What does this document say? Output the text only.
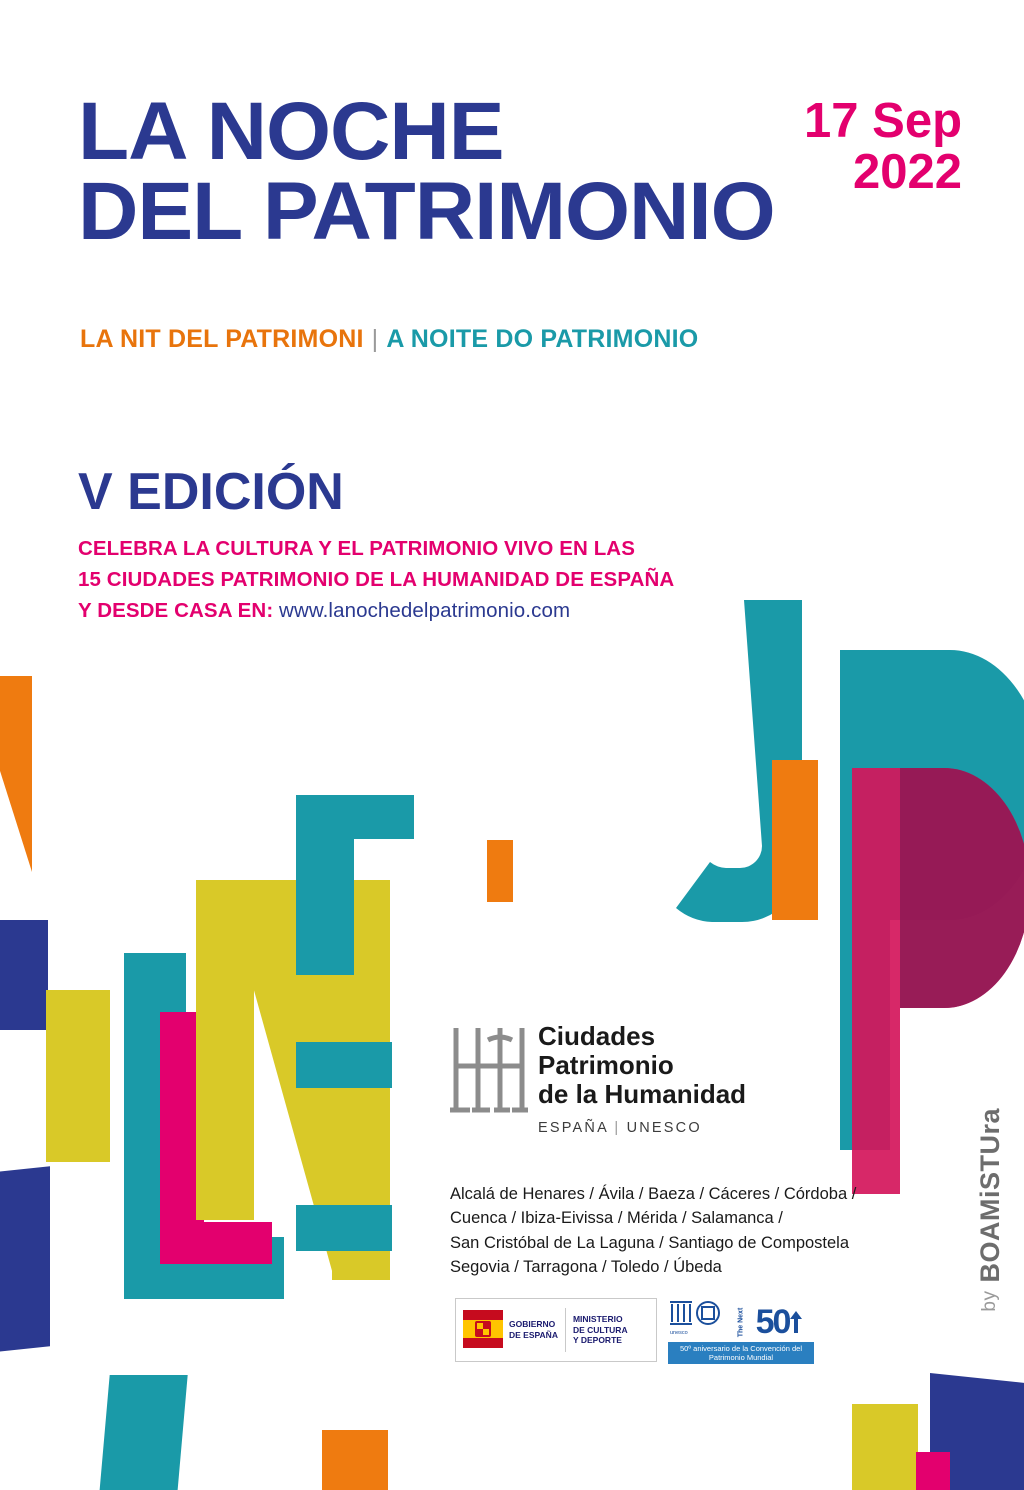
LA NOCHE
DEL PATRIMONIO
LA NIT DEL PATRIMONI | A NOITE DO PATRIMONIO
17 Sep
2022
V EDICIÓN
CELEBRA LA CULTURA Y EL PATRIMONIO VIVO EN LAS
15 CIUDADES PATRIMONIO DE LA HUMANIDAD DE ESPAÑA
Y DESDE CASA EN: www.lanochedelpatrimonio.com
Ciudades
Patrimonio
de la Humanidad
ESPAÑA | UNESCO
Alcalá de Henares / Ávila / Baeza / Cáceres / Córdoba /
Cuenca / Ibiza-Eivissa / Mérida / Salamanca /
San Cristóbal de La Laguna / Santiago de Compostela
Segovia / Tarragona / Toledo / Úbeda
GOBIERNO
DE ESPAÑA
MINISTERIO
DE CULTURA
Y DEPORTE
unesco	The Next 50
50º aniversario de la Convención del Patrimonio Mundial
by BOAMiSTUra
